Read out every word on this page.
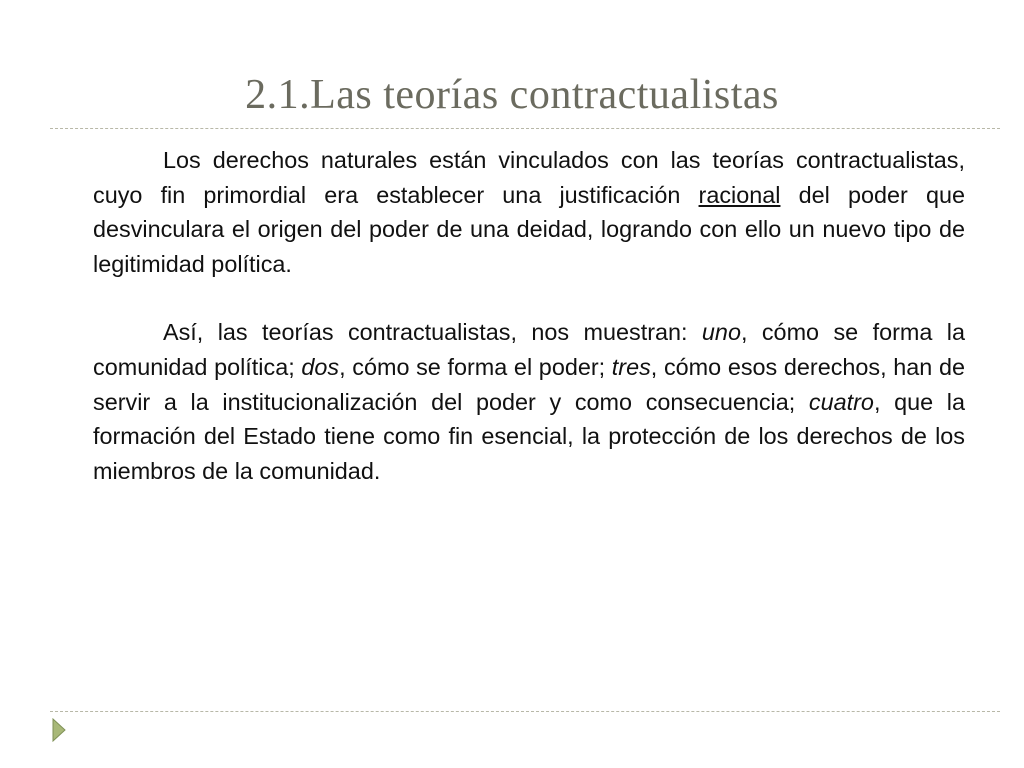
2.1.Las teorías contractualistas

Los derechos naturales están vinculados con las teorías contractualistas, cuyo fin primordial era establecer una justificación racional del poder que desvinculara el origen del poder de una deidad, logrando con ello un nuevo tipo de legitimidad política.

Así, las teorías contractualistas, nos muestran: uno, cómo se forma la comunidad política; dos, cómo se forma el poder; tres, cómo esos derechos, han de servir a la institucionalización del poder y como consecuencia; cuatro, que la formación del Estado tiene como fin esencial, la protección de los derechos de los miembros de la comunidad.
